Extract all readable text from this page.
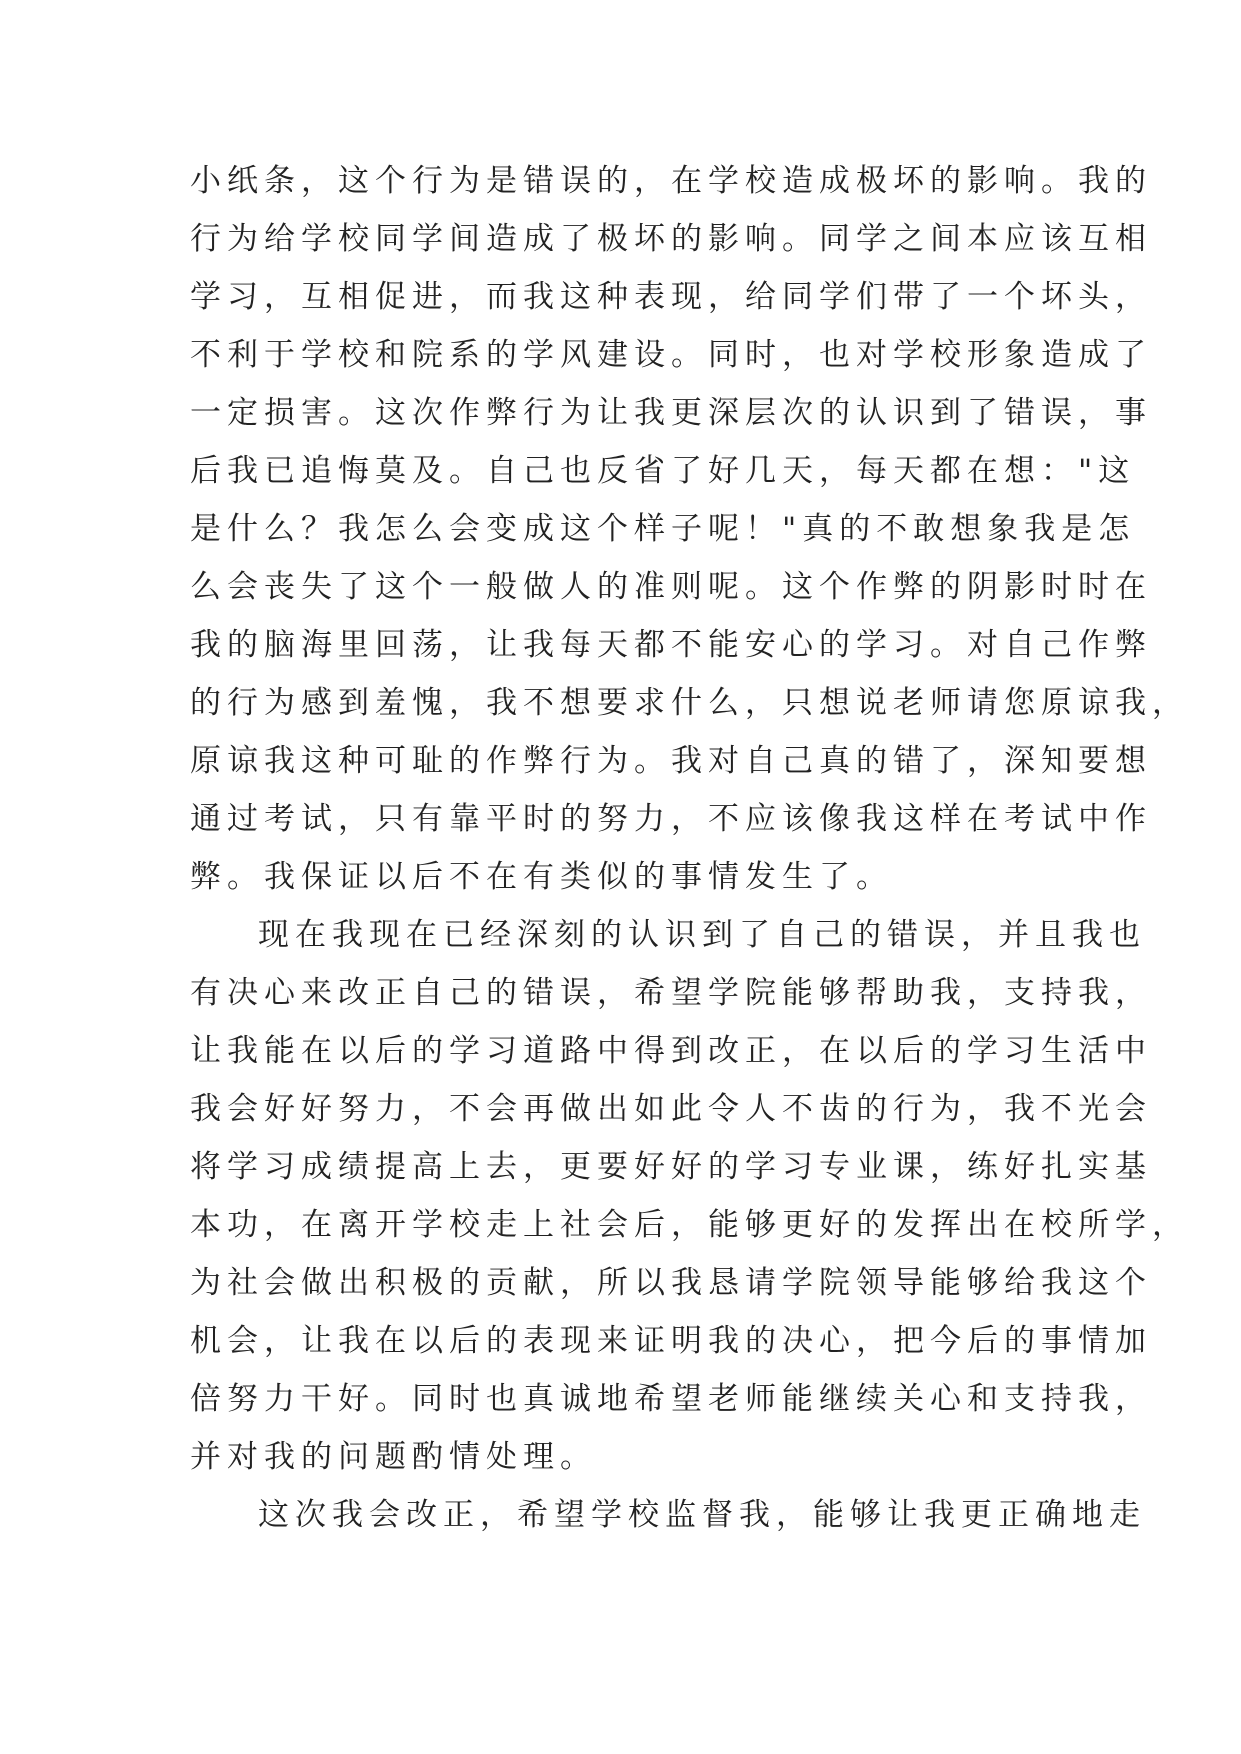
小纸条，这个行为是错误的，在学校造成极坏的影响。我的
行为给学校同学间造成了极坏的影响。同学之间本应该互相
学习，互相促进，而我这种表现，给同学们带了一个坏头，
不利于学校和院系的学风建设。同时，也对学校形象造成了
一定损害。这次作弊行为让我更深层次的认识到了错误，事
后我已追悔莫及。自己也反省了好几天，每天都在想："这
是什么？我怎么会变成这个样子呢！"真的不敢想象我是怎
么会丧失了这个一般做人的准则呢。这个作弊的阴影时时在
我的脑海里回荡，让我每天都不能安心的学习。对自己作弊
的行为感到羞愧，我不想要求什么，只想说老师请您原谅我，
原谅我这种可耻的作弊行为。我对自己真的错了，深知要想
通过考试，只有靠平时的努力，不应该像我这样在考试中作
弊。我保证以后不在有类似的事情发生了。
现在我现在已经深刻的认识到了自己的错误，并且我也
有决心来改正自己的错误，希望学院能够帮助我，支持我，
让我能在以后的学习道路中得到改正，在以后的学习生活中
我会好好努力，不会再做出如此令人不齿的行为，我不光会
将学习成绩提高上去，更要好好的学习专业课，练好扎实基
本功，在离开学校走上社会后，能够更好的发挥出在校所学，
为社会做出积极的贡献，所以我恳请学院领导能够给我这个
机会，让我在以后的表现来证明我的决心，把今后的事情加
倍努力干好。同时也真诚地希望老师能继续关心和支持我，
并对我的问题酌情处理。
这次我会改正，希望学校监督我，能够让我更正确地走
